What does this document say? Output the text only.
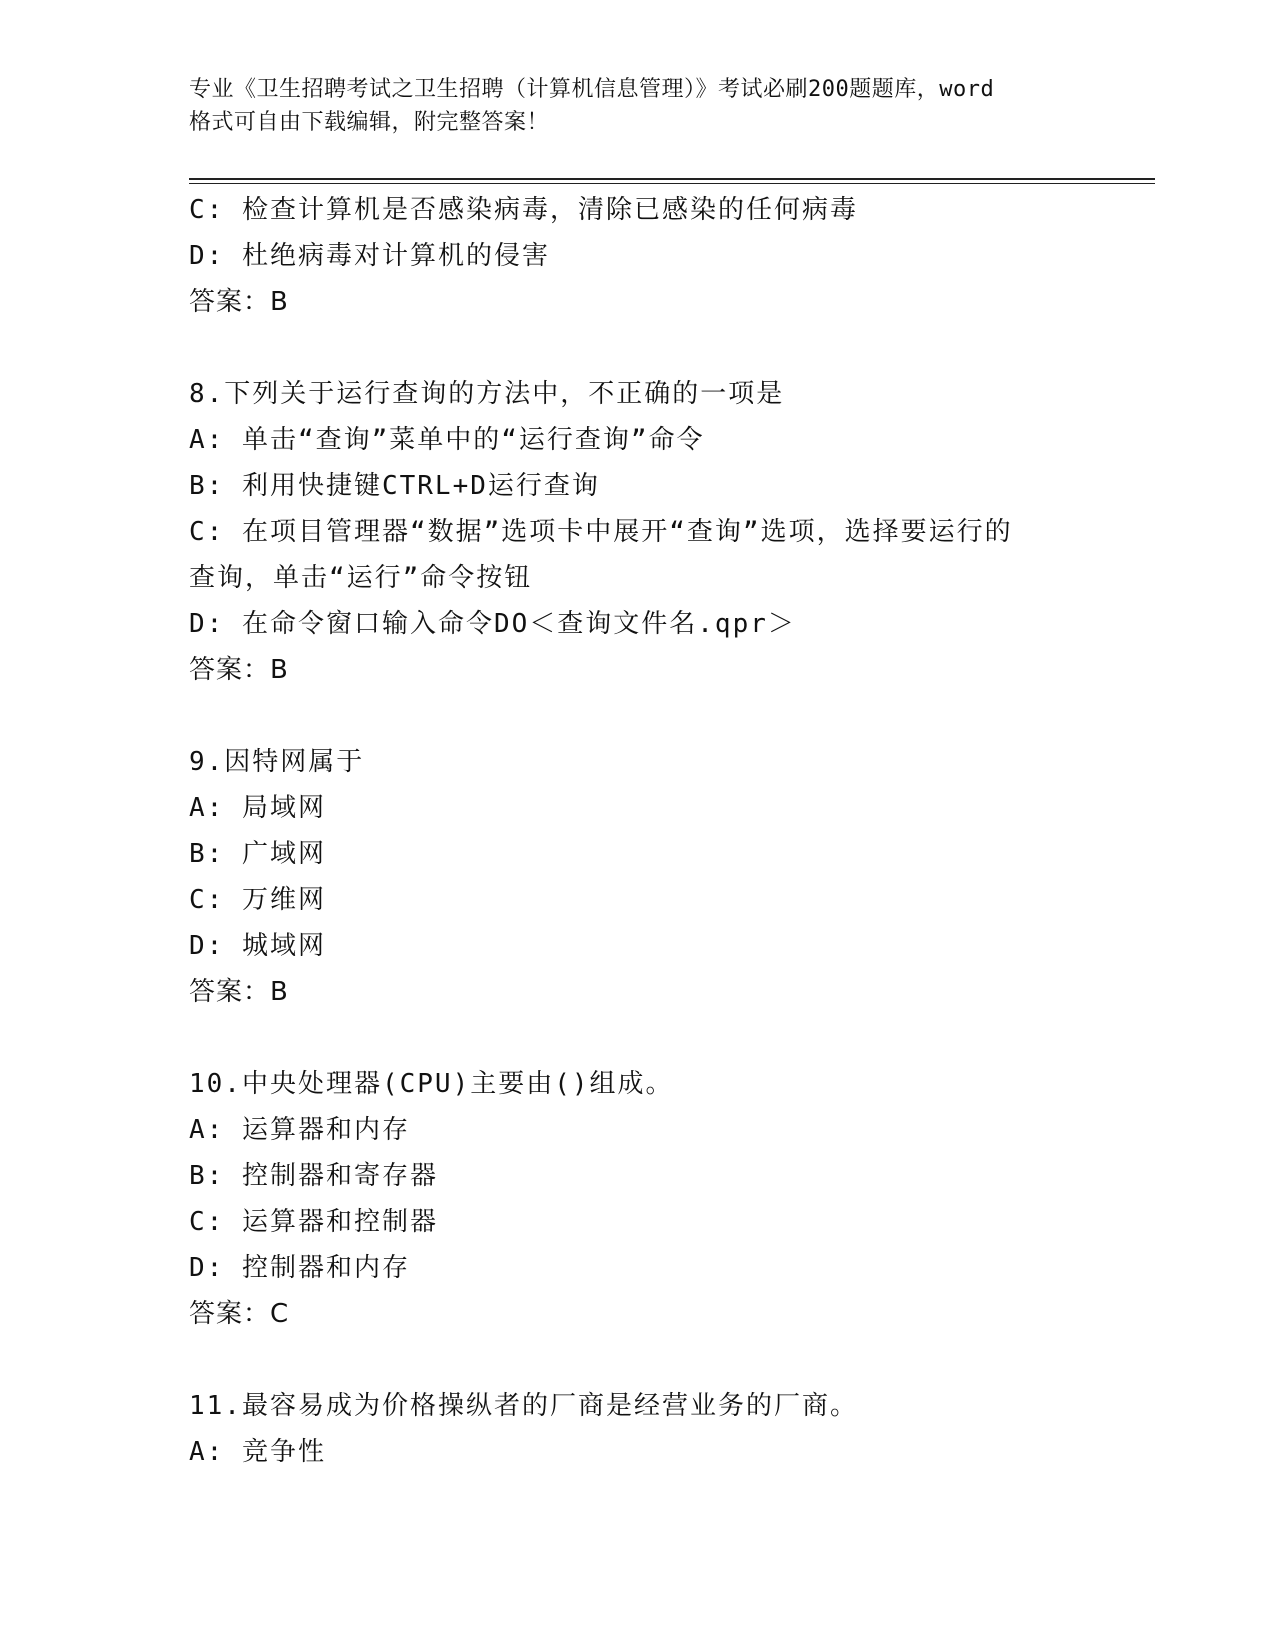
专业《卫生招聘考试之卫生招聘（计算机信息管理）》考试必刷200题题库，word
格式可自由下载编辑，附完整答案！
C: 检查计算机是否感染病毒，清除已感染的任何病毒
D: 杜绝病毒对计算机的侵害
答案：B
8.下列关于运行查询的方法中，不正确的一项是
A: 单击“查询”菜单中的“运行查询”命令
B: 利用快捷键CTRL+D运行查询
C: 在项目管理器“数据”选项卡中展开“查询”选项，选择要运行的
查询，单击“运行”命令按钮
D: 在命令窗口输入命令DO＜查询文件名.qpr＞
答案：B
9.因特网属于
A: 局域网
B: 广域网
C: 万维网
D: 城域网
答案：B
10.中央处理器(CPU)主要由()组成。
A: 运算器和内存
B: 控制器和寄存器
C: 运算器和控制器
D: 控制器和内存
答案：C
11.最容易成为价格操纵者的厂商是经营业务的厂商。
A: 竞争性
